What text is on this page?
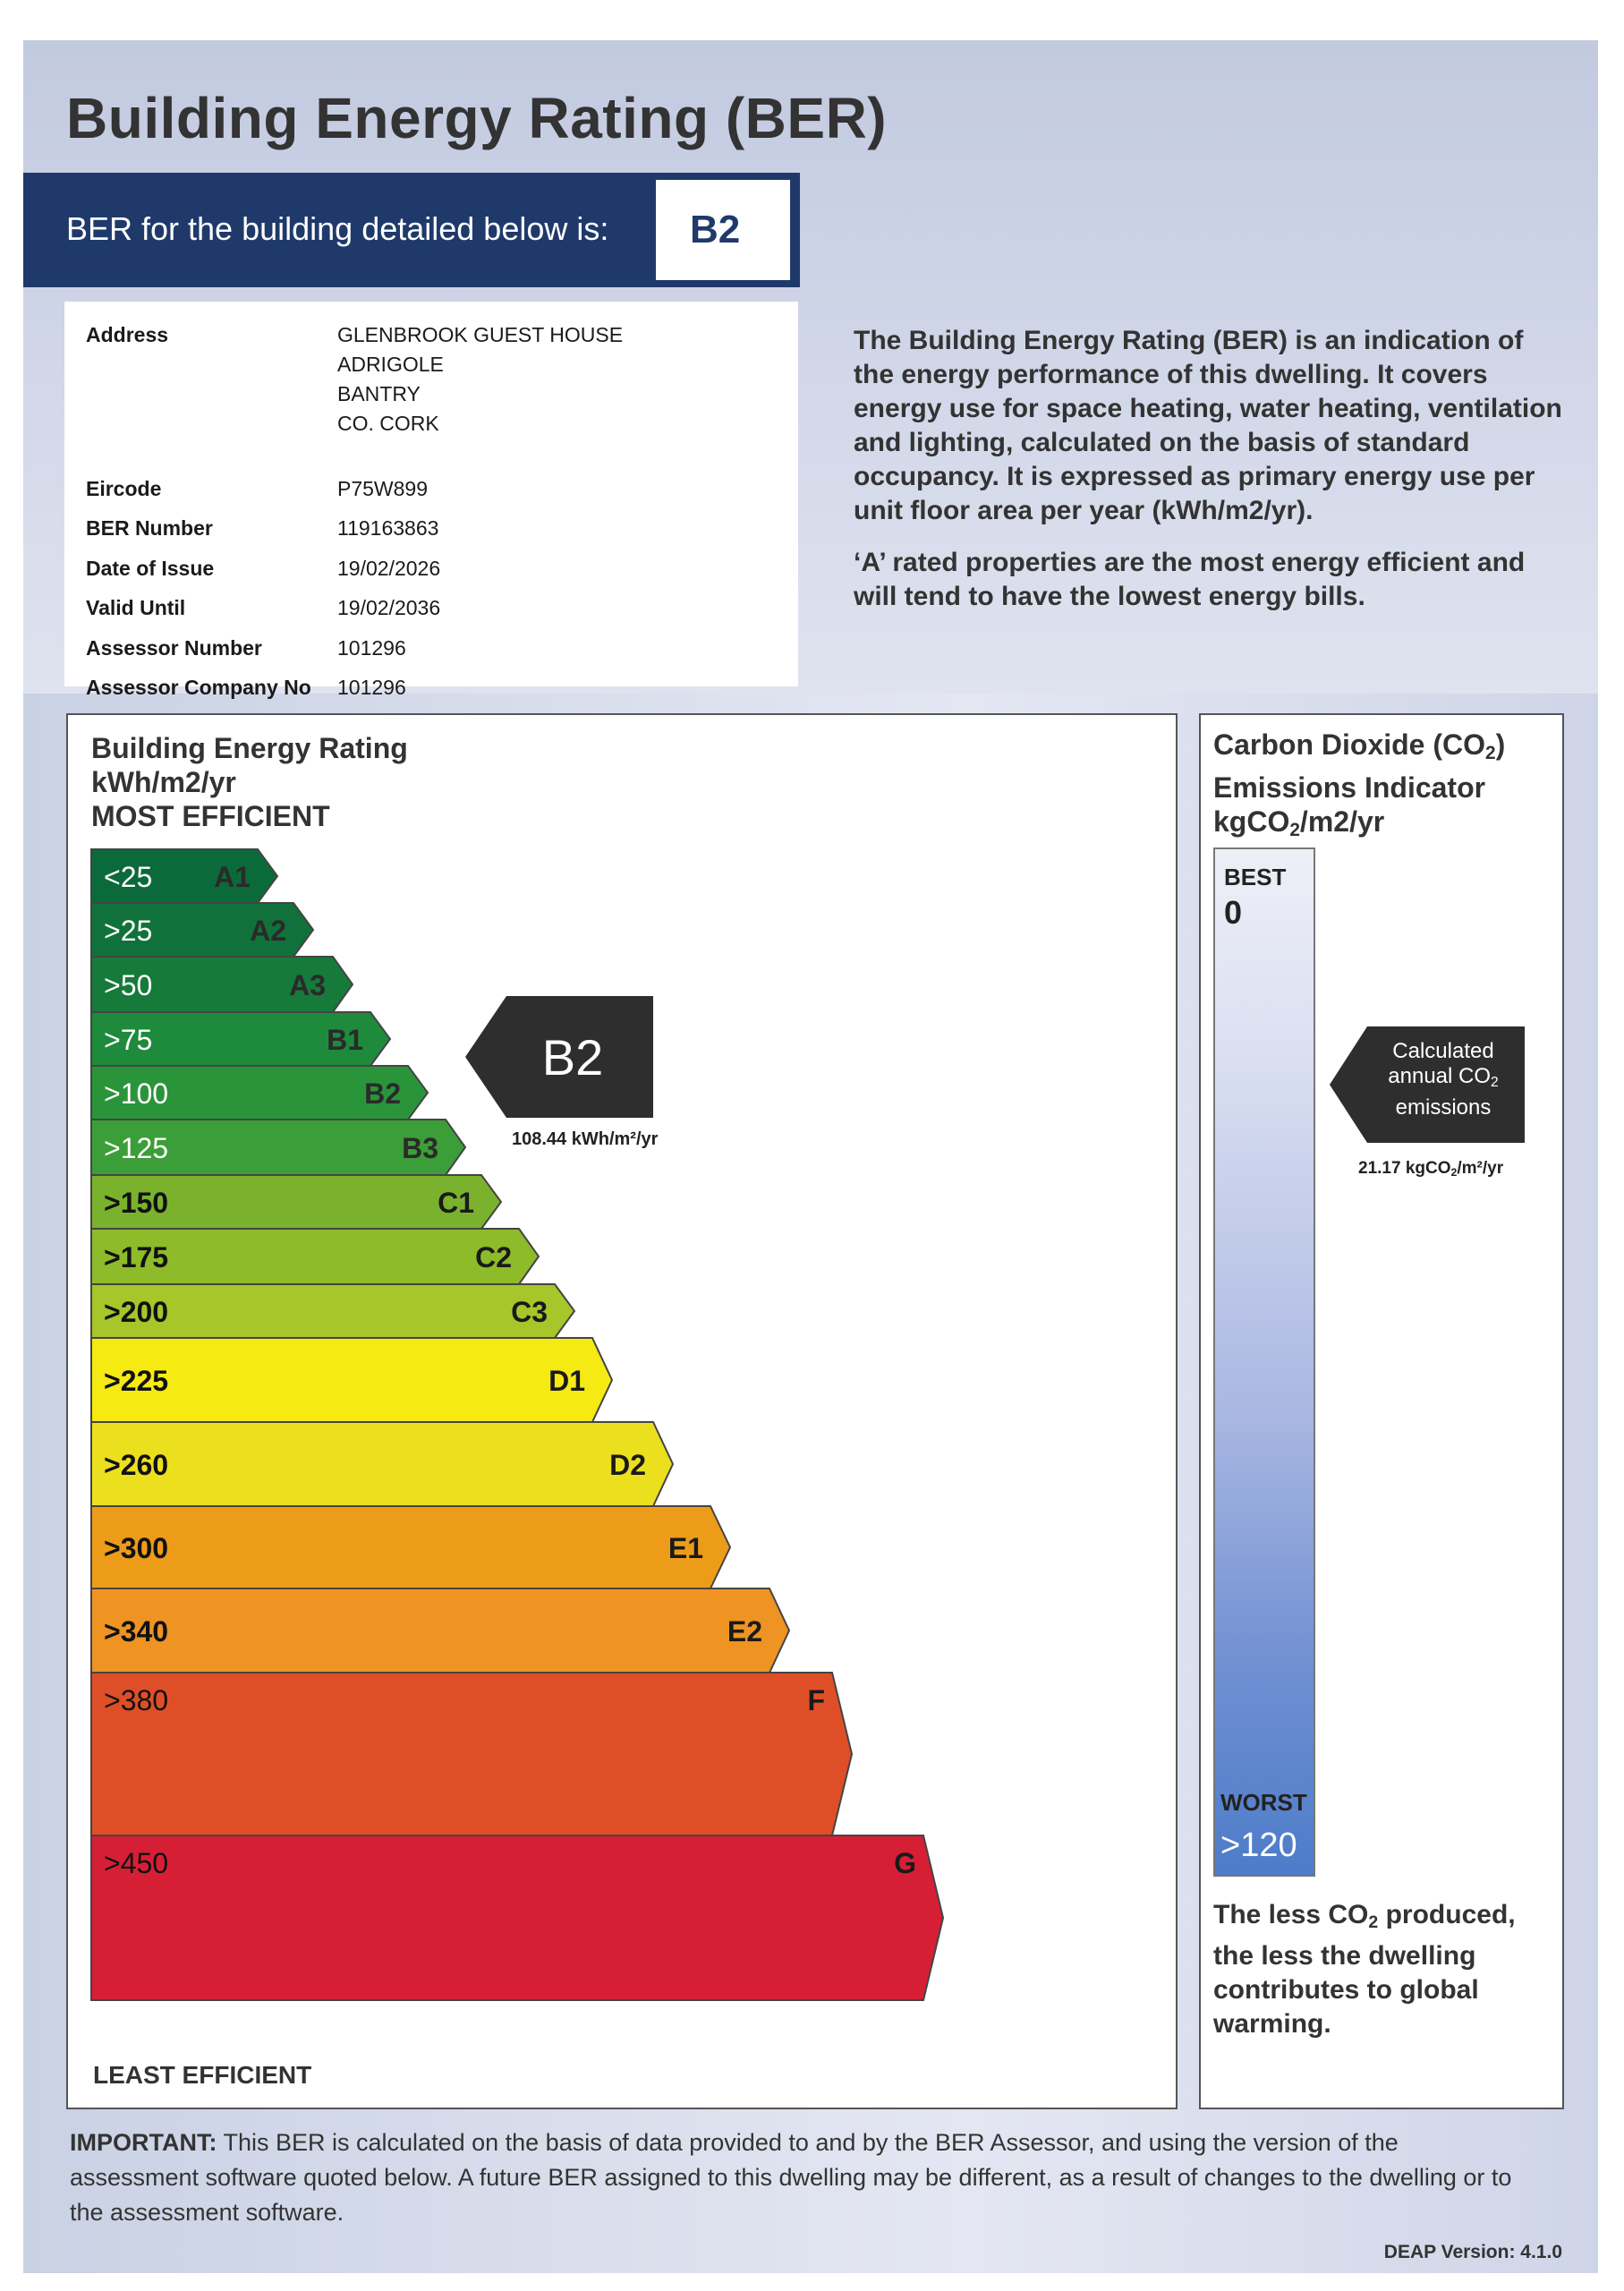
Building Energy Rating (BER)
BER for the building detailed below is:	B2
Address	GLENBROOK GUEST HOUSE
ADRIGOLE
BANTRY
CO. CORK
Eircode	P75W899
BER Number	119163863
Date of Issue	19/02/2026
Valid Until	19/02/2036
Assessor Number	101296
Assessor Company No 101296

The Building Energy Rating (BER) is an indication of the energy performance of this dwelling. It covers energy use for space heating, water heating, ventilation and lighting, calculated on the basis of standard occupancy. It is expressed as primary energy use per unit floor area per year (kWh/m2/yr).

‘A’ rated properties are the most energy efficient and will tend to have the lowest energy bills.

Building Energy Rating
kWh/m2/yr
MOST EFFICIENT
<25 A1
>25	A2
>50	A3
>75	B1
>100	B2
>125	B3
>150	C1
>175	C2
>200	C3
>225	D1
>260	D2
>300	E1
>340	E2
>380	F
>450	G
B2
108.44 kWh/m²/yr
LEAST EFFICIENT
Carbon Dioxide $(CO_2)$
Emissions Indicator
kgCO$_2$/m2/yr
BEST
0
WORST
>120
Calculated
annual $CO_2$
emissions
21.17 kgCO$_2$/m²/yr
The less $CO_2$ produced, the less the dwelling contributes to global warming.
IMPORTANT: This BER is calculated on the basis of data provided to and by the BER Assessor, and using the version of the assessment software quoted below. A future BER assigned to this dwelling may be different, as a result of changes to the dwelling or to the assessment software.
DEAP Version: 4.1.0
